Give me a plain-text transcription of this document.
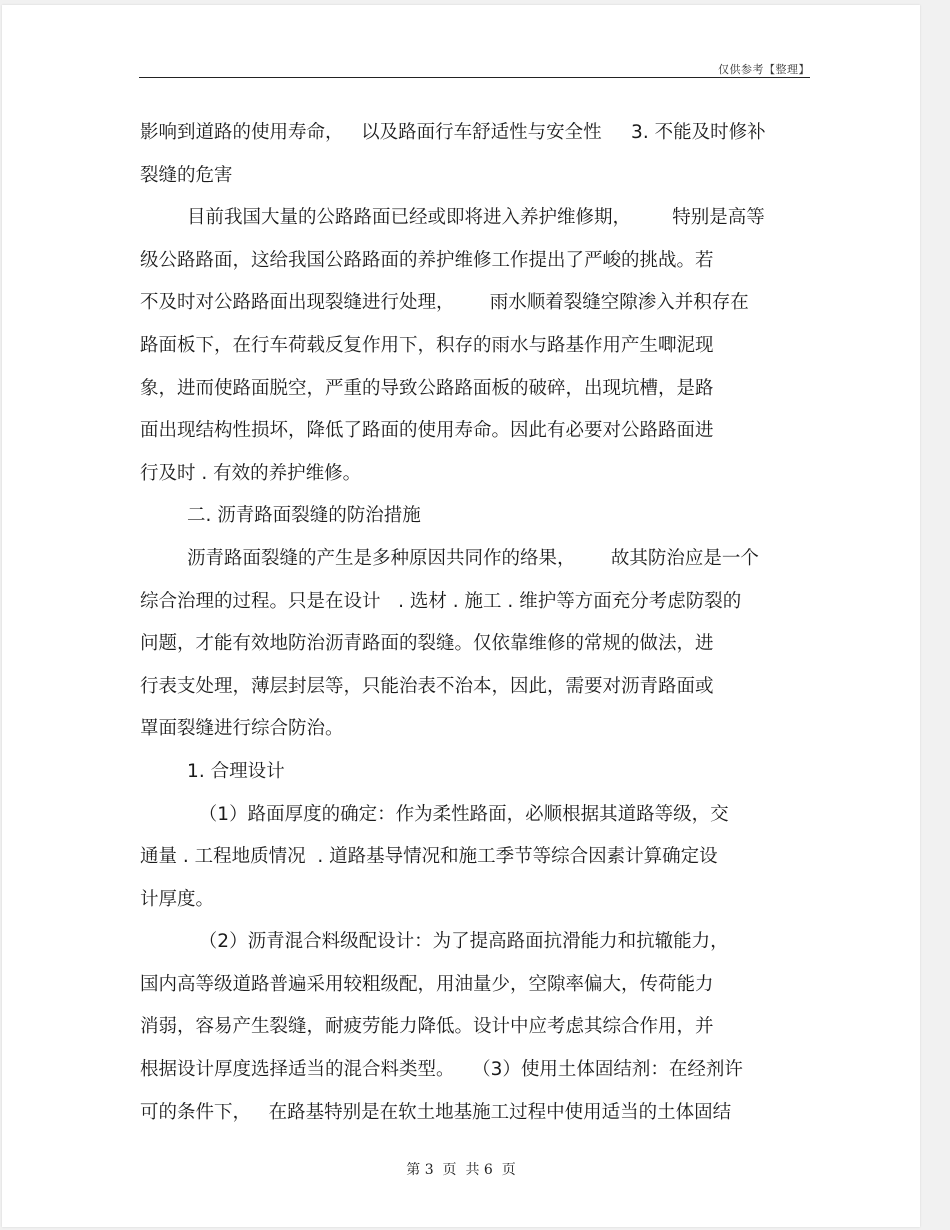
仅供参考【整理】
影响到道路的使用寿命，   以及路面行车舒适性与安全性     3. 不能及时修补
裂缝的危害
目前我国大量的公路路面已经或即将进入养护维修期，       特别是高等
级公路路面，这给我国公路路面的养护维修工作提出了严峻的挑战。若
不及时对公路路面出现裂缝进行处理，      雨水顺着裂缝空隙渗入并积存在
路面板下，在行车荷载反复作用下，积存的雨水与路基作用产生唧泥现
象，进而使路面脱空，严重的导致公路路面板的破碎，出现坑槽，是路
面出现结构性损坏，降低了路面的使用寿命。因此有必要对公路路面进
行及时 . 有效的养护维修。
二. 沥青路面裂缝的防治措施
沥青路面裂缝的产生是多种原因共同作的络果，      故其防治应是一个
综合治理的过程。只是在设计   . 选材 . 施工 . 维护等方面充分考虑防裂的
问题，才能有效地防治沥青路面的裂缝。仅依靠维修的常规的做法，进
行表支处理，薄层封层等，只能治表不治本，因此，需要对沥青路面或
罩面裂缝进行综合防治。
1. 合理设计
（1）路面厚度的确定：作为柔性路面，必顺根据其道路等级，交
通量 . 工程地质情况  . 道路基导情况和施工季节等综合因素计算确定设
计厚度。
（2）沥青混合料级配设计：为了提高路面抗滑能力和抗辙能力，
国内高等级道路普遍采用较粗级配，用油量少，空隙率偏大，传荷能力
消弱，容易产生裂缝，耐疲劳能力降低。设计中应考虑其综合作用，并
根据设计厚度选择适当的混合料类型。   （3）使用土体固结剂：在经剂许
可的条件下，   在路基特别是在软土地基施工过程中使用适当的土体固结
第 3  页  共 6  页
